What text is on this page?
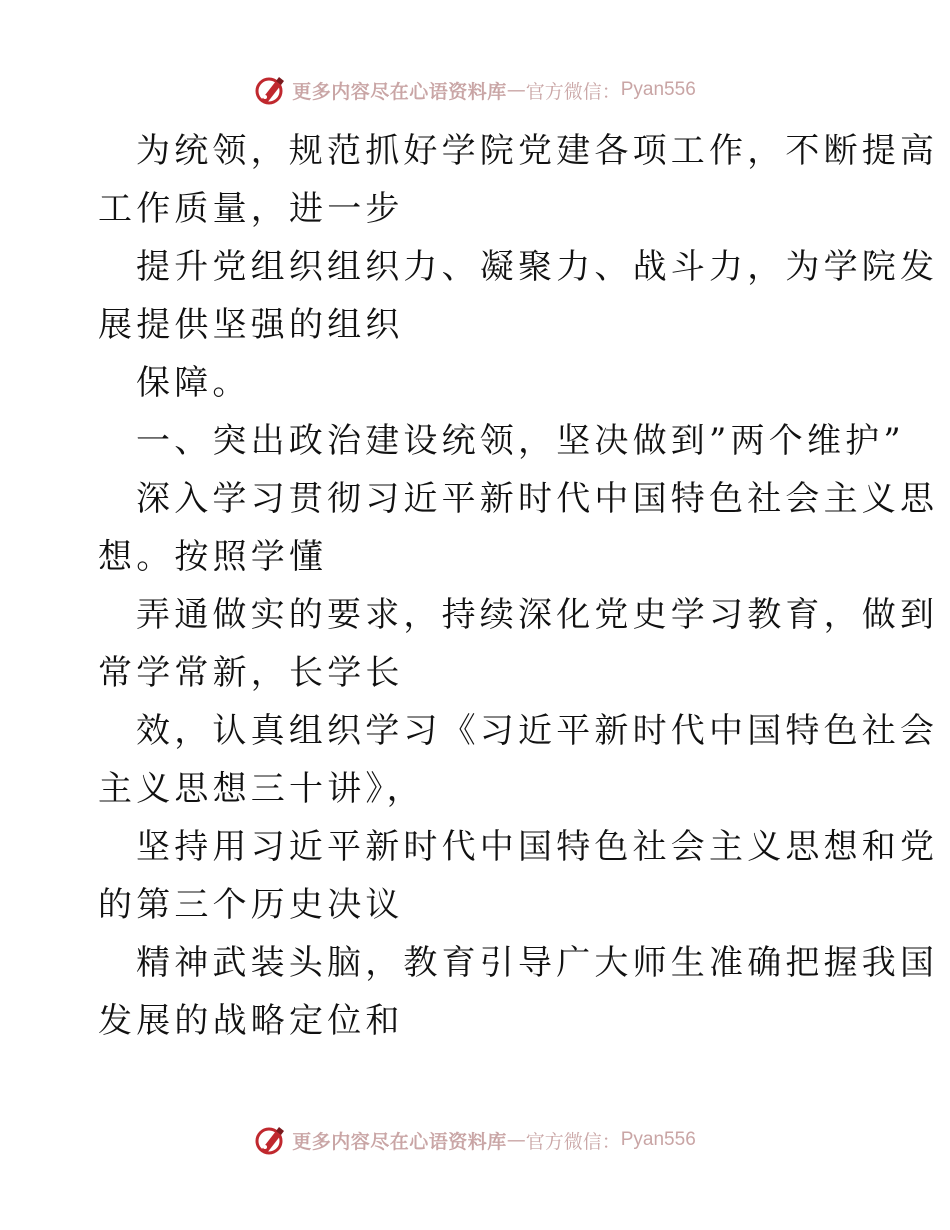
更多内容尽在心语资料库 — 官方微信： Pyan556

为统领，规范抓好学院党建各项工作，不断提高
工作质量，进一步

提升党组织组织力、凝聚力、战斗力，为学院发
展提供坚强的组织

保障。

一、突出政治建设统领，坚决做到”两个维护”

深入学习贯彻习近平新时代中国特色社会主义思
想。按照学懂

弄通做实的要求，持续深化党史学习教育，做到
常学常新，长学长

效，认真组织学习《习近平新时代中国特色社会
主义思想三十讲》，

坚持用习近平新时代中国特色社会主义思想和党
的第三个历史决议

精神武装头脑，教育引导广大师生准确把握我国
发展的战略定位和

更多内容尽在心语资料库 — 官方微信： Pyan556
